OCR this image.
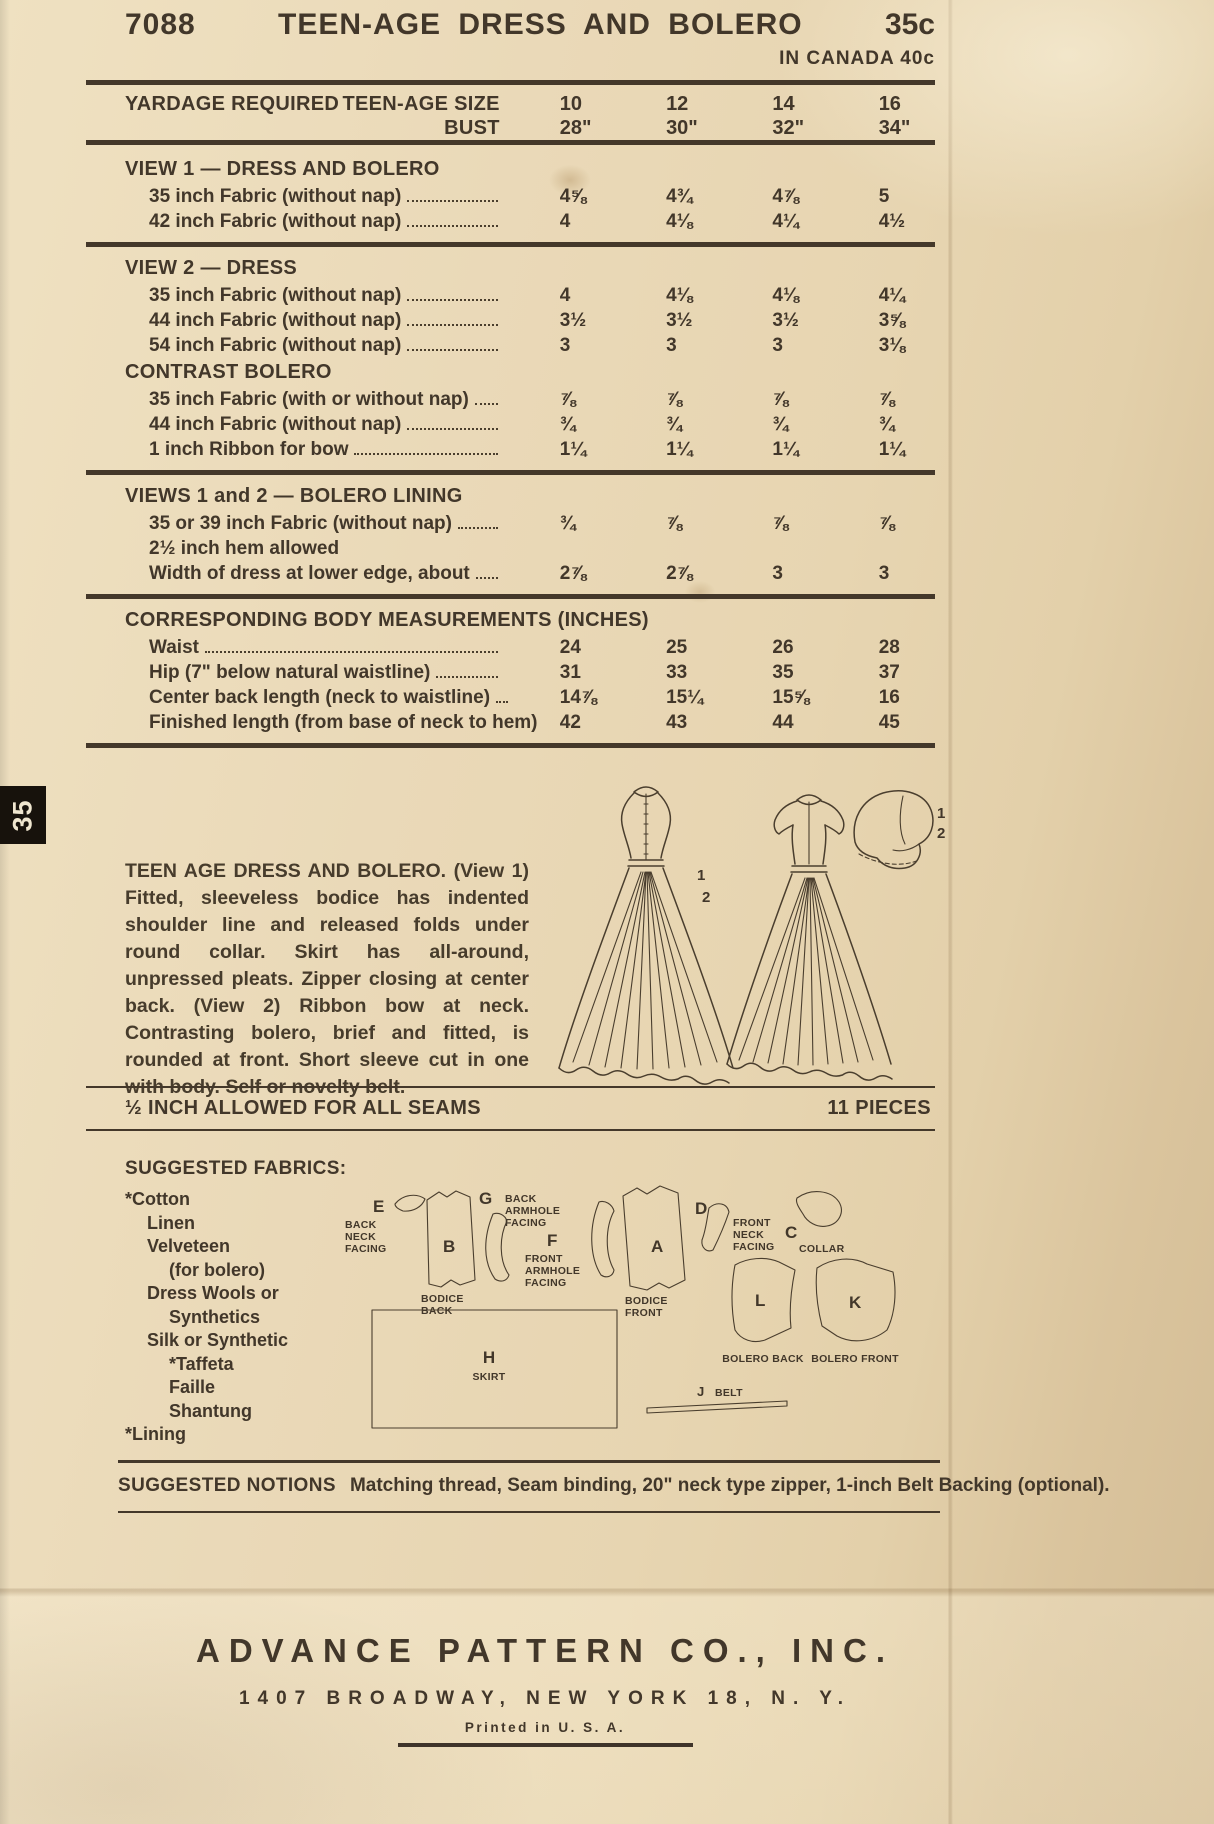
7088	TEEN-AGE DRESS AND BOLERO	35c
IN CANADA 40c
YARDAGE REQUIRED TEEN-AGE SIZE	10	12	14	16
BUST	28"	30"	32"	34"
VIEW 1 — DRESS AND BOLERO
35 inch Fabric (without nap)	4⅝	4¾	4⅞	5
42 inch Fabric (without nap)	4	4⅛	4¼	4½
VIEW 2 — DRESS
35 inch Fabric (without nap)	4	4⅛	4⅛	4¼
44 inch Fabric (without nap)	3½	3½	3½	3⅝
54 inch Fabric (without nap)	3	3	3	3⅛
CONTRAST BOLERO
35 inch Fabric (with or without nap)	⅞	⅞	⅞	⅞
44 inch Fabric (without nap)	¾	¾	¾	¾
1 inch Ribbon for bow	1¼	1¼	1¼	1¼
VIEWS 1 and 2 — BOLERO LINING
35 or 39 inch Fabric (without nap)	¾	⅞	⅞	⅞
2½ inch hem allowed
Width of dress at lower edge, about	2⅞	2⅞	3	3
CORRESPONDING BODY MEASUREMENTS (INCHES)
Waist	24	25	26	28
Hip (7" below natural waistline)	31	33	35	37
Center back length (neck to waistline)	14⅞	15¼	15⅝	16
Finished length (from base of neck to hem)	42	43	44	45

TEEN AGE DRESS AND BOLERO. (View 1) Fitted, sleeveless bodice has indented shoulder line and released folds under round collar. Skirt has all-around, unpressed pleats. Zipper closing at center back. (View 2) Ribbon bow at neck. Contrasting bolero, brief and fitted, is rounded at front. Short sleeve cut in one with body. Self or novelty belt.

1
2
1
2
35
½ INCH ALLOWED FOR ALL SEAMS	11 PIECES
SUGGESTED FABRICS:
*Cotton
Linen
Velveteen
(for bolero)
Dress Wools or
Synthetics
Silk or Synthetic
*Taffeta
Faille
Shantung
*Lining
E
BACK
NECK
FACING	B
BODICE
BACK
G BACK
ARMHOLE
FACING
F
FRONT
ARMHOLE
FACING
A
BODICE
FRONT
D
FRONT
NECK
FACING
C
COLLAR
H
SKIRT
L
BOLERO BACK
K
BOLERO FRONT
J BELT

SUGGESTED NOTIONS Matching thread, Seam binding, 20" neck type zipper, 1-inch Belt Backing (optional).

ADVANCE PATTERN CO., INC.
1407 BROADWAY, NEW YORK 18, N. Y.
Printed in U. S. A.
